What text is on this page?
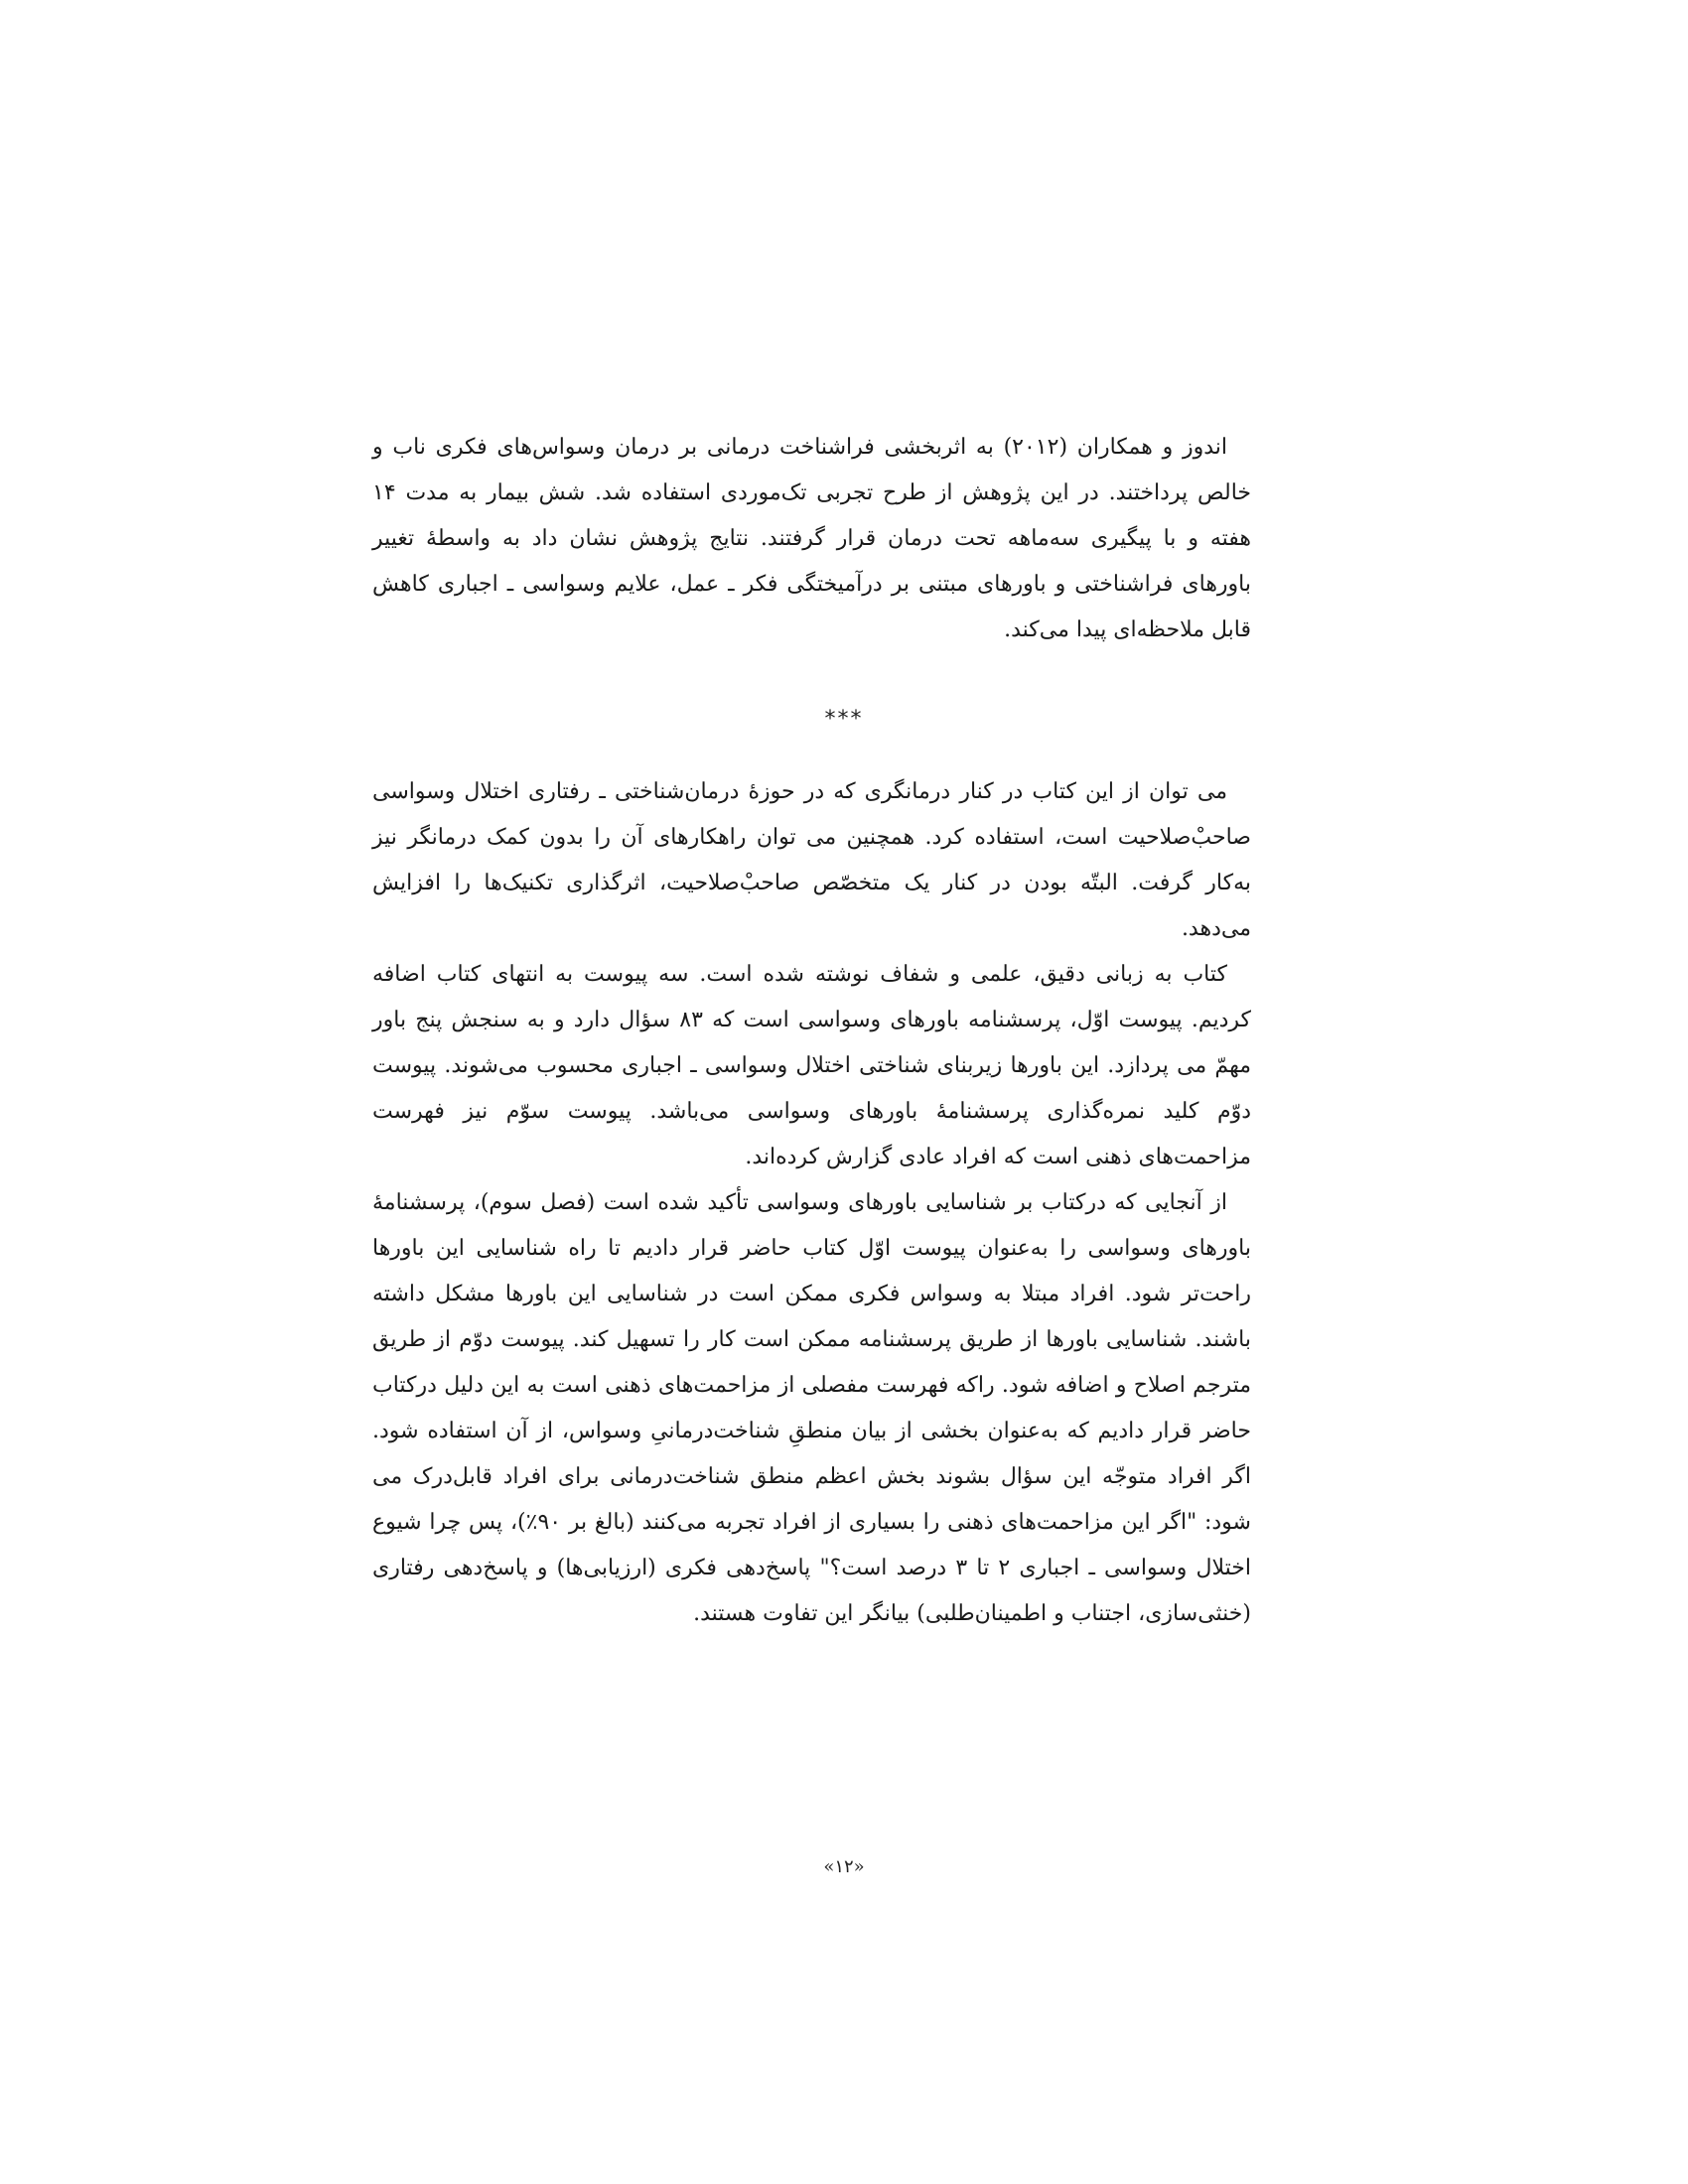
اندوز و همکاران (۲۰۱۲) به اثربخشی فراشناخت درمانی بر درمان وسواس‌های فکری ناب و خالص پرداختند. در این پژوهش از طرح تجربی تک‌موردی استفاده شد. شش بیمار به مدت ۱۴ هفته و با پیگیری سه‌ماهه تحت درمان قرار گرفتند. نتایج پژوهش نشان داد به واسطهٔ تغییر باورهای فراشناختی و باورهای مبتنی بر درآمیختگی فکر ـ عمل، علایم وسواسی ـ اجباری کاهش قابل ملاحظه‌ای پیدا می‌کند.

***

می توان از این کتاب در کنار درمانگری که در حوزهٔ درمان‌شناختی ـ رفتاری اختلال وسواسی صاحبْ‌صلاحیت است، استفاده کرد. همچنین می توان راهکارهای آن را بدون کمک درمانگر نیز به‌کار گرفت. البتّه بودن در کنار یک متخصّص صاحبْ‌صلاحیت، اثرگذاری تکنیک‌ها را افزایش می‌دهد.

کتاب به زبانی دقیق، علمی و شفاف نوشته شده است. سه پیوست به انتهای کتاب اضافه کردیم. پیوست اوّل، پرسشنامه باورهای وسواسی است که ۸۳ سؤال دارد و به سنجش پنج باور مهمّ می پردازد. این باورها زیربنای شناختی اختلال وسواسی ـ اجباری محسوب می‌شوند. پیوست دوّم کلید نمره‌گذاری پرسشنامهٔ باورهای وسواسی می‌باشد. پیوست سوّم نیز فهرست مزاحمت‌های ذهنی است که افراد عادی گزارش کرده‌اند.

از آنجایی که درکتاب بر شناسایی باورهای وسواسی تأکید شده است (فصل سوم)، پرسشنامهٔ باورهای وسواسی را به‌عنوان پیوست اوّل کتاب حاضر قرار دادیم تا راه شناسایی این باورها راحت‌تر شود. افراد مبتلا به وسواس فکری ممکن است در شناسایی این باورها مشکل داشته باشند. شناسایی باورها از طریق پرسشنامه ممکن است کار را تسهیل کند. پیوست دوّم از طریق مترجم اصلاح و اضافه شود. راکه فهرست مفصلی از مزاحمت‌های ذهنی است به این دلیل درکتاب حاضر قرار دادیم که به‌عنوان بخشی از بیان منطقِ شناخت‌درمانیِ وسواس، از آن استفاده شود. اگر افراد متوجّه این سؤال بشوند بخش اعظم منطق شناخت‌درمانی برای افراد قابل‌درک می شود: "اگر این مزاحمت‌های ذهنی را بسیاری از افراد تجربه می‌کنند (بالغ بر ۹۰٪)، پس چرا شیوع اختلال وسواسی ـ اجباری ۲ تا ۳ درصد است؟" پاسخ‌دهی فکری (ارزیابی‌ها) و پاسخ‌دهی رفتاری (خنثی‌سازی، اجتناب و اطمینان‌طلبی) بیانگر این تفاوت هستند.

«۱۲»
